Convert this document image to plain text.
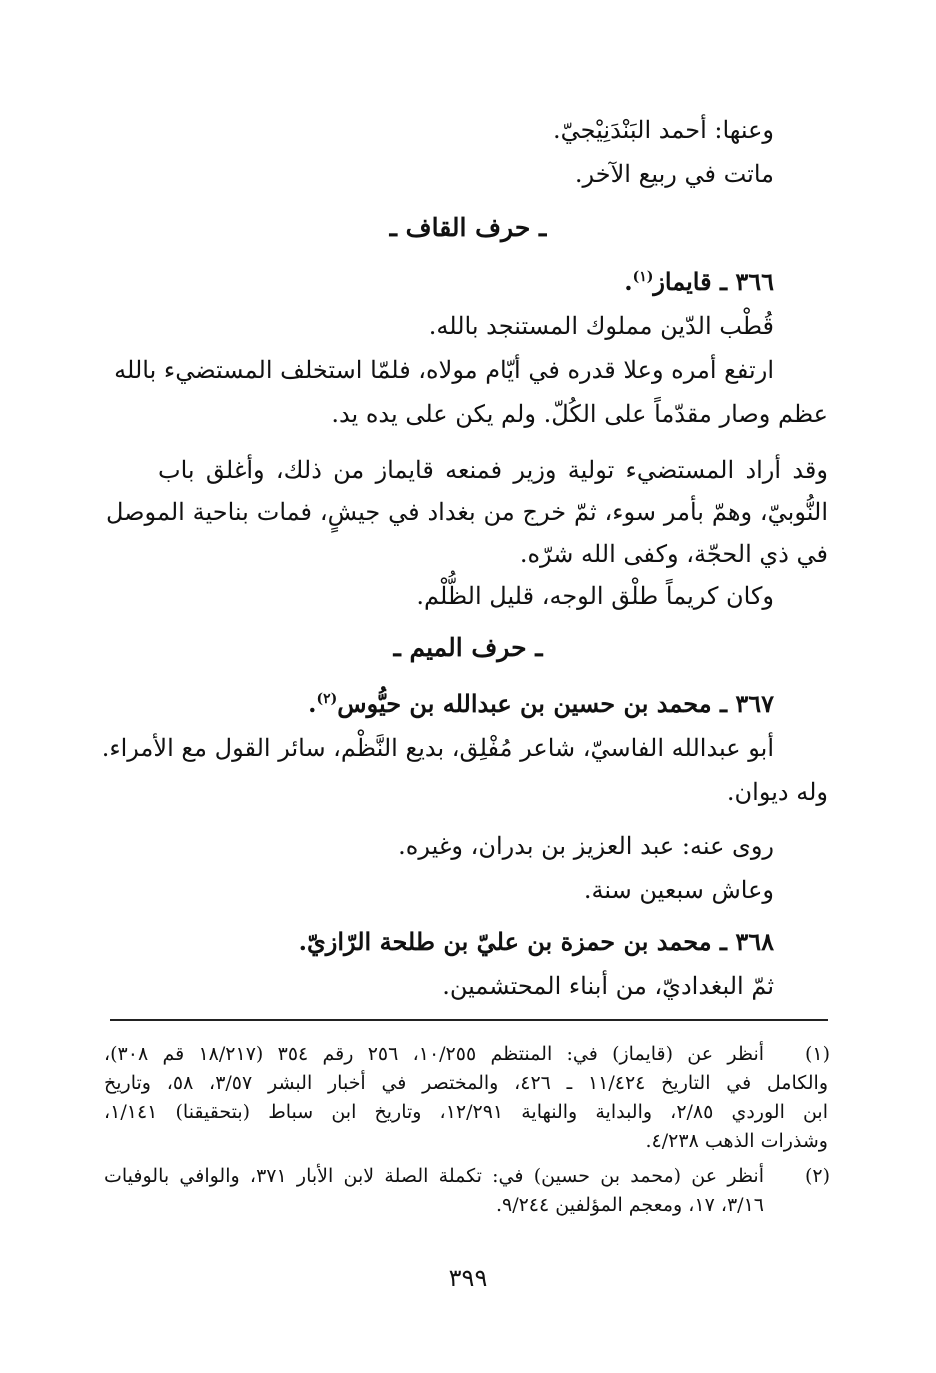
وعنها: أحمد البَنْدَنِيْجيّ.
ماتت في ربيع الآخر.
ـ حرف القاف ـ
٣٦٦ ـ قايماز$^{(١)}$.
قُطْب الدّين مملوك المستنجد بالله.
ارتفع أمره وعلا قدره في أيّام مولاه، فلمّا استخلف المستضيء بالله
عظم وصار مقدّماً على الكُلّ. ولم يكن على يده يد.
وقد أراد المستضيء تولية وزير فمنعه قايماز من ذلك، وأغلق باب
النُّوبيّ، وهمّ بأمر سوء، ثمّ خرج من بغداد في جيشٍ، فمات بناحية الموصل
في ذي الحجّة، وكفى الله شرّه.
وكان كريماً طلْق الوجه، قليل الظُّلْم.
ـ حرف الميم ـ
٣٦٧ ـ محمد بن حسين بن عبدالله بن حيُّوس$^{(٢)}$.
أبو عبدالله الفاسيّ، شاعر مُفْلِق، بديع النَّظْم، سائر القول مع الأمراء.
وله ديوان.
روى عنه: عبد العزيز بن بدران، وغيره.
وعاش سبعين سنة.
٣٦٨ ـ محمد بن حمزة بن عليّ بن طلحة الرّازيّ.
ثمّ البغداديّ، من أبناء المحتشمين.
(١)
أنظر عن (قايماز) في: المنتظم ١٠/٢٥٥، ٢٥٦ رقم ٣٥٤ (١٨/٢١٧ قم ٣٠٨)،
والكامل في التاريخ ١١/٤٢٤ ـ ٤٢٦، والمختصر في أخبار البشر ٣/٥٧، ٥٨، وتاريخ
ابن الوردي ٢/٨٥، والبداية والنهاية ١٢/٢٩١، وتاريخ ابن سباط (بتحقيقنا) ١/١٤١،
وشذرات الذهب ٤/٢٣٨.
(٢)
أنظر عن (محمد بن حسين) في: تكملة الصلة لابن الأبار ٣٧١، والوافي بالوفيات
٣/١٦، ١٧، ومعجم المؤلفين ٩/٢٤٤.
٣٩٩
